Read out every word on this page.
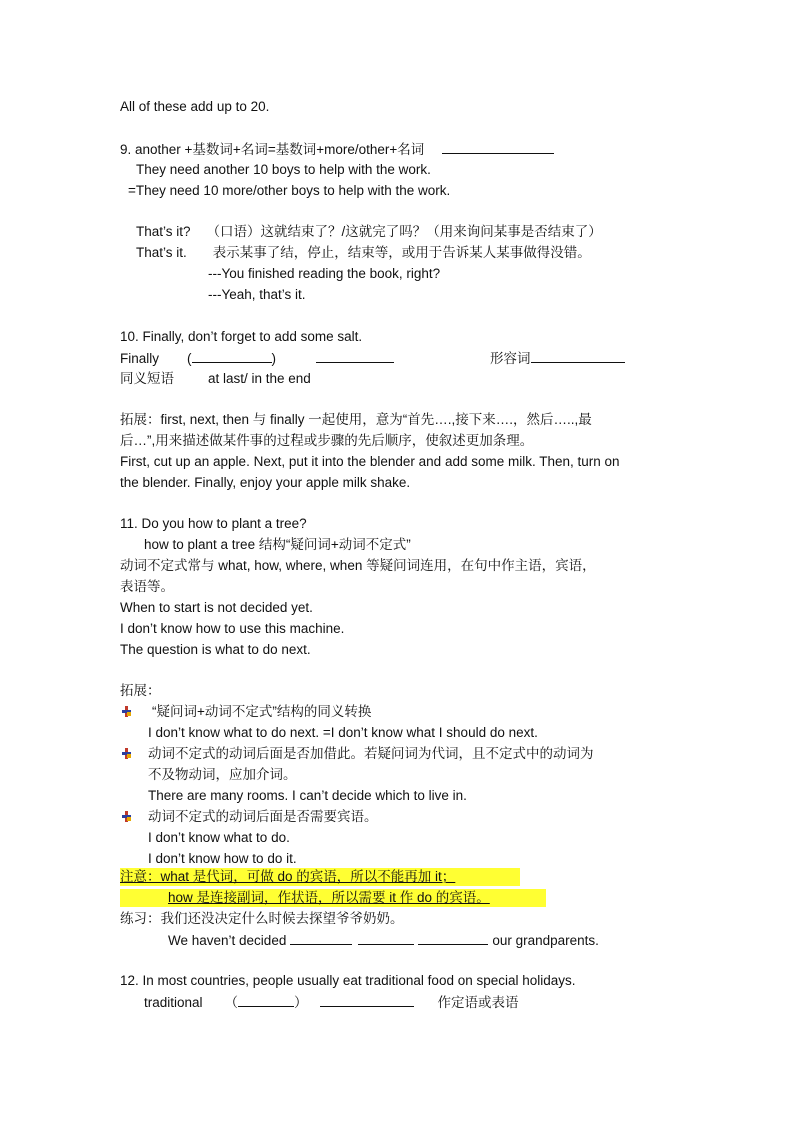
All of these add up to 20.
9. another +基数词+名词=基数词+more/other+名词
They need another 10 boys to help with the work.
=They need 10 more/other boys to help with the work.
That’s it? （口语）这就结束了？/这就完了吗？（用来询问某事是否结束了）
That’s it. 表示某事了结，停止，结束等，或用于告诉某人某事做得没错。
---You finished reading the book, right?
---Yeah, that’s it.
10. Finally, don’t forget to add some salt.
Finally (	)	形容词
同义短语	at last/ in the end
拓展：first, next, then 与 finally 一起使用，意为“首先….,接下来….，然后…..,最
后…”,用来描述做某件事的过程或步骤的先后顺序，使叙述更加条理。
First, cut up an apple. Next, put it into the blender and add some milk. Then, turn on
the blender. Finally, enjoy your apple milk shake.
11. Do you how to plant a tree?
how to plant a tree 结构“疑问词+动词不定式”
动词不定式常与 what, how, where, when 等疑问词连用，在句中作主语，宾语，
表语等。
When to start is not decided yet.
I don’t know how to use this machine.
The question is what to do next.
拓展：
“疑问词+动词不定式”结构的同义转换
I don’t know what to do next. =I don’t know what I should do next.
动词不定式的动词后面是否加借此。若疑问词为代词，且不定式中的动词为
不及物动词，应加介词。
There are many rooms. I can’t decide which to live in.
动词不定式的动词后面是否需要宾语。
I don’t know what to do.
I don’t know how to do it.
注意：what 是代词，可做 do 的宾语，所以不能再加 it；
how 是连接副词，作状语，所以需要 it 作 do 的宾语。
练习：我们还没决定什么时候去探望爷爷奶奶。
We haven’t decided	our grandparents.
12. In most countries, people usually eat traditional food on special holidays.
traditional （	）	作定语或表语
